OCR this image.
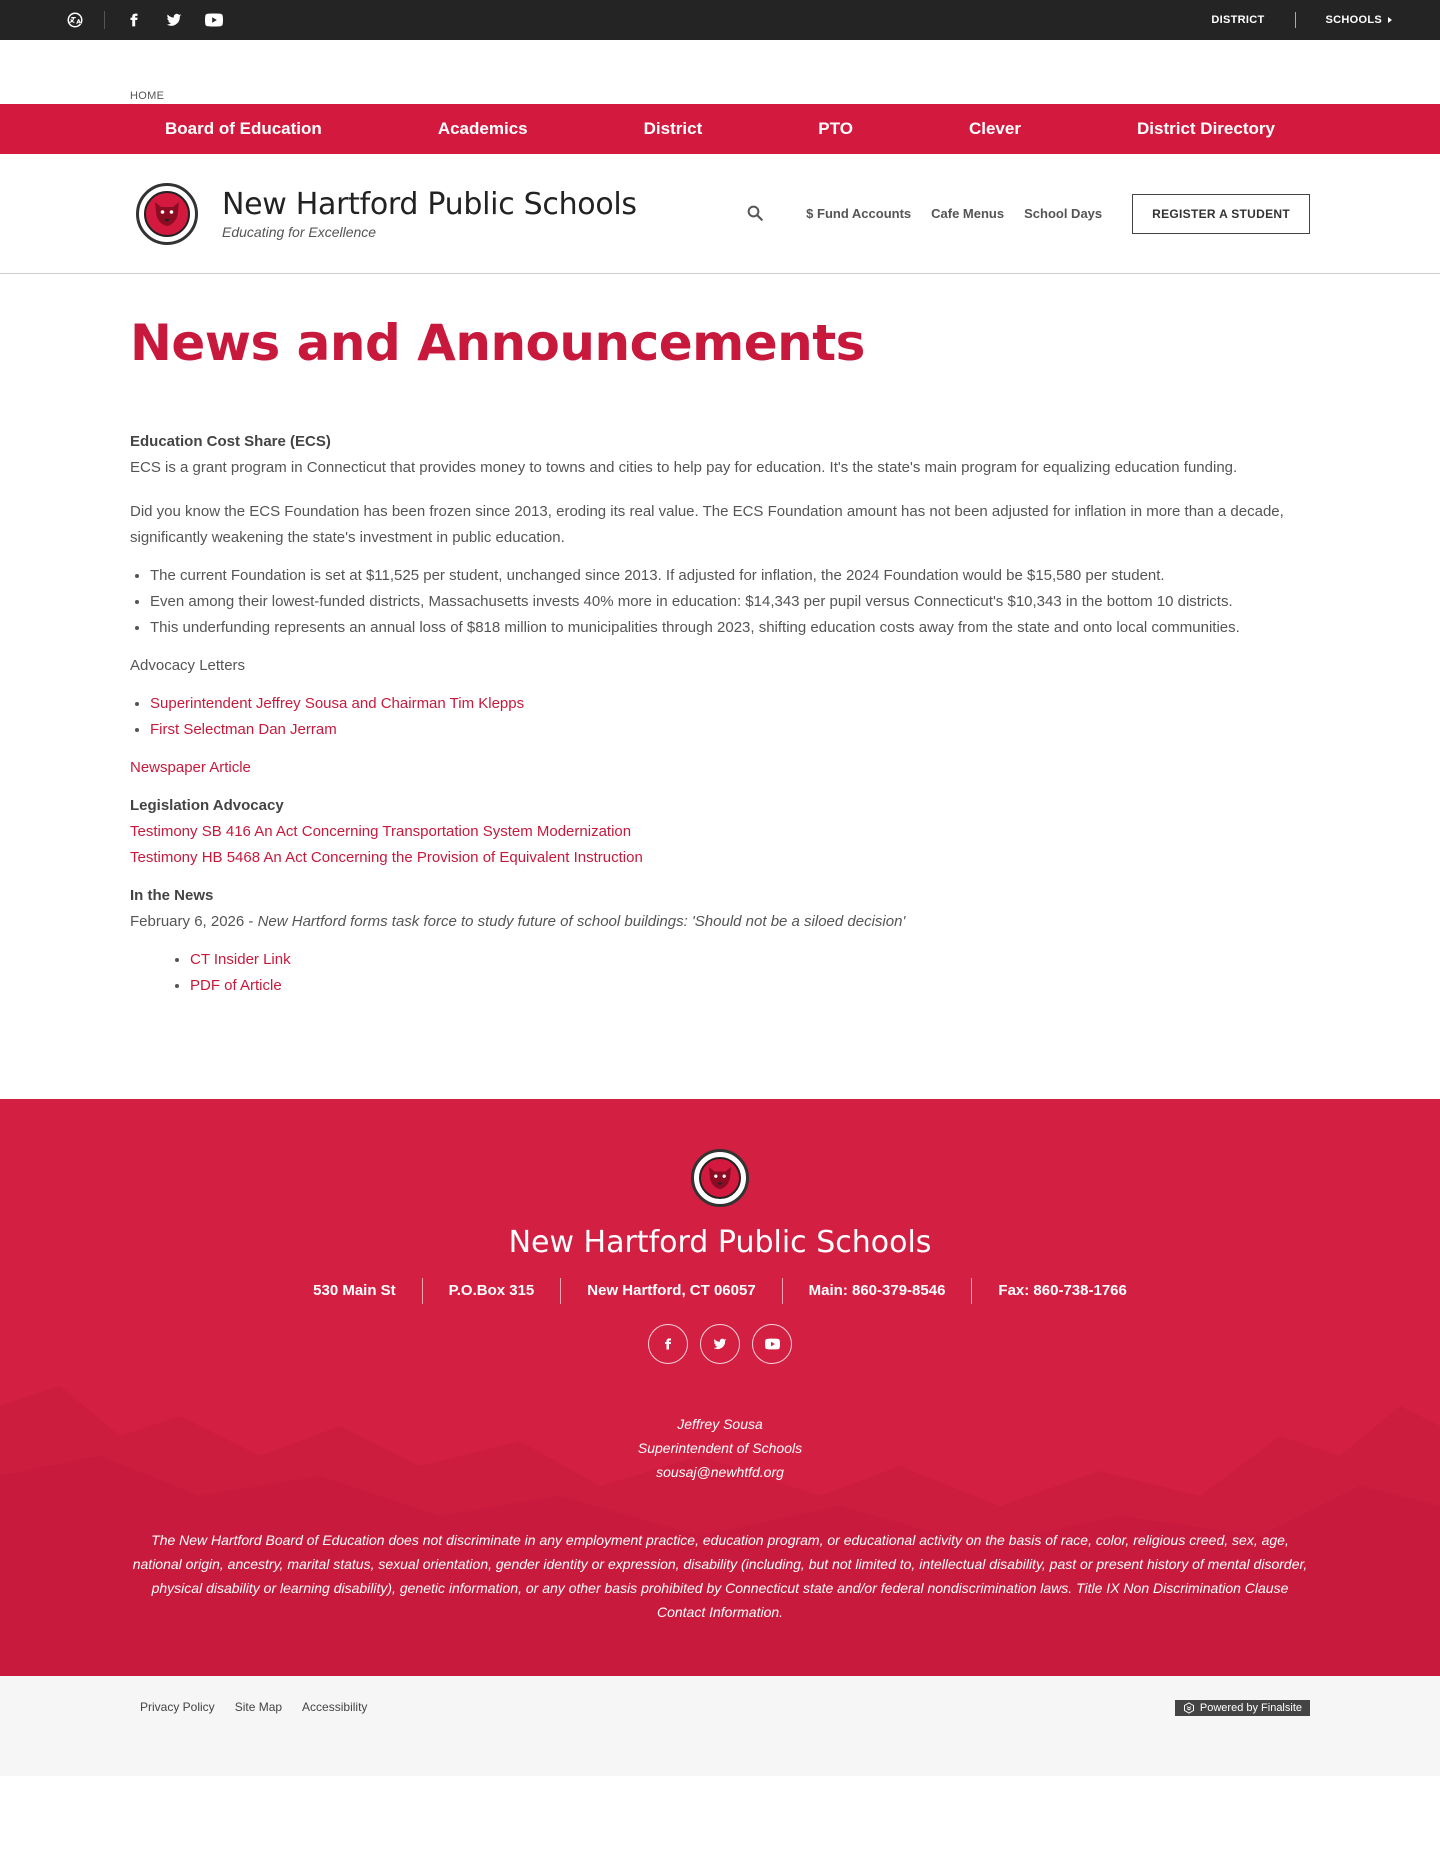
DISTRICT	SCHOOLS
HOME
Board of Education	Academics	District	PTO	Clever	District Directory
New Hartford Public Schools
Educating for Excellence
$ Fund Accounts Cafe Menus School Days	REGISTER A STUDENT
News and Announcements
Education Cost Share (ECS)

ECS is a grant program in Connecticut that provides money to towns and cities to help pay for education. It's the state's main program for equalizing education funding.

Did you know the ECS Foundation has been frozen since 2013, eroding its real value. The ECS Foundation amount has not been adjusted for inflation in more than a decade, significantly weakening the state's investment in public education.

• The current Foundation is set at $11,525 per student, unchanged since 2013. If adjusted for inflation, the 2024 Foundation would be $15,580 per student.
• Even among their lowest-funded districts, Massachusetts invests 40% more in education: $14,343 per pupil versus Connecticut's $10,343 in the bottom 10 districts.
• This underfunding represents an annual loss of $818 million to municipalities through 2023, shifting education costs away from the state and onto local communities.

Advocacy Letters

• Superintendent Jeffrey Sousa and Chairman Tim Klepps
• First Selectman Dan Jerram

Newspaper Article

Legislation Advocacy

Testimony SB 416 An Act Concerning Transportation System Modernization

Testimony HB 5468 An Act Concerning the Provision of Equivalent Instruction

In the News

February 6, 2026 - New Hartford forms task force to study future of school buildings: 'Should not be a siloed decision'

• CT Insider Link
• PDF of Article
New Hartford Public Schools
530 Main St	P.O.Box 315	New Hartford, CT 06057	Main: 860-379-8546	Fax: 860-738-1766
Jeffrey Sousa
Superintendent of Schools
sousaj@newhtfd.org

The New Hartford Board of Education does not discriminate in any employment practice, education program, or educational activity on the basis of race, color, religious creed, sex, age, national origin, ancestry, marital status, sexual orientation, gender identity or expression, disability (including, but not limited to, intellectual disability, past or present history of mental disorder, physical disability or learning disability), genetic information, or any other basis prohibited by Connecticut state and/or federal nondiscrimination laws. Title IX Non Discrimination Clause Contact Information.

Privacy Policy Site Map Accessibility	Powered by Finalsite
